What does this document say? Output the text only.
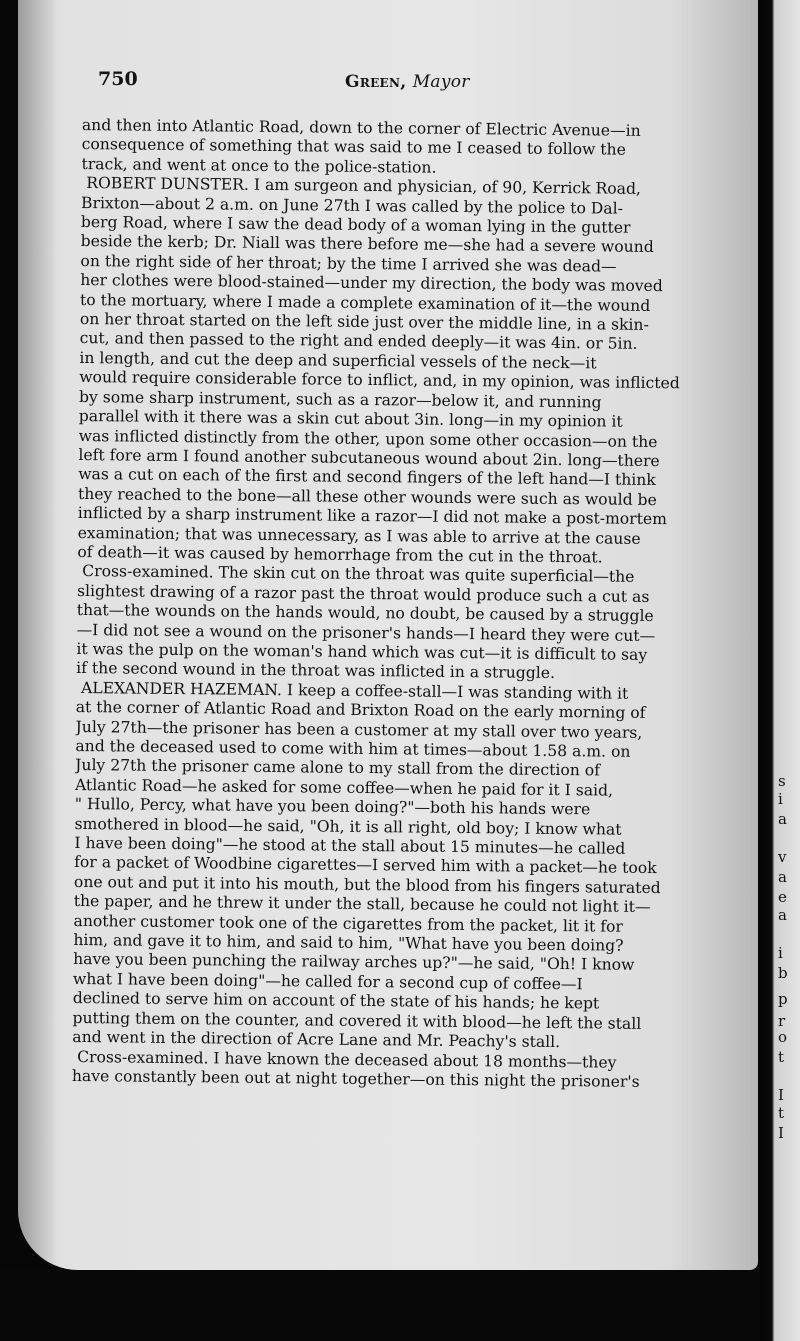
750	Green, Mayor
and then into Atlantic Road, down to the corner of Electric Avenue—in
consequence of something that was said to me I ceased to follow the
track, and went at once to the police-station.
ROBERT DUNSTER. I am surgeon and physician, of 90, Kerrick Road,
Brixton—about 2 a.m. on June 27th I was called by the police to Dal-
berg Road, where I saw the dead body of a woman lying in the gutter
beside the kerb; Dr. Niall was there before me—she had a severe wound
on the right side of her throat; by the time I arrived she was dead—
her clothes were blood-stained—under my direction, the body was moved
to the mortuary, where I made a complete examination of it—the wound
on her throat started on the left side just over the middle line, in a skin-
cut, and then passed to the right and ended deeply—it was 4in. or 5in.
in length, and cut the deep and superficial vessels of the neck—it
would require considerable force to inflict, and, in my opinion, was inflicted
by some sharp instrument, such as a razor—below it, and running
parallel with it there was a skin cut about 3in. long—in my opinion it
was inflicted distinctly from the other, upon some other occasion—on the
left fore arm I found another subcutaneous wound about 2in. long—there
was a cut on each of the first and second fingers of the left hand—I think
they reached to the bone—all these other wounds were such as would be
inflicted by a sharp instrument like a razor—I did not make a post-mortem
examination; that was unnecessary, as I was able to arrive at the cause
of death—it was caused by hemorrhage from the cut in the throat.
Cross-examined. The skin cut on the throat was quite superficial—the
slightest drawing of a razor past the throat would produce such a cut as
that—the wounds on the hands would, no doubt, be caused by a struggle
—I did not see a wound on the prisoner's hands—I heard they were cut—
it was the pulp on the woman's hand which was cut—it is difficult to say
if the second wound in the throat was inflicted in a struggle.
ALEXANDER HAZEMAN. I keep a coffee-stall—I was standing with it
at the corner of Atlantic Road and Brixton Road on the early morning of
July 27th—the prisoner has been a customer at my stall over two years,
and the deceased used to come with him at times—about 1.58 a.m. on
July 27th the prisoner came alone to my stall from the direction of
Atlantic Road—he asked for some coffee—when he paid for it I said,
" Hullo, Percy, what have you been doing?"—both his hands were
smothered in blood—he said, "Oh, it is all right, old boy; I know what
I have been doing"—he stood at the stall about 15 minutes—he called
for a packet of Woodbine cigarettes—I served him with a packet—he took
one out and put it into his mouth, but the blood from his fingers saturated
the paper, and he threw it under the stall, because he could not light it—
another customer took one of the cigarettes from the packet, lit it for
him, and gave it to him, and said to him, "What have you been doing?
have you been punching the railway arches up?"—he said, "Oh! I know
what I have been doing"—he called for a second cup of coffee—I
declined to serve him on account of the state of his hands; he kept
putting them on the counter, and covered it with blood—he left the stall
and went in the direction of Acre Lane and Mr. Peachy's stall.
Cross-examined. I have known the deceased about 18 months—they
have constantly been out at night together—on this night the prisoner's
s
i
a
v
a
e
a
i
b
p
r
o
t
I
t
I
